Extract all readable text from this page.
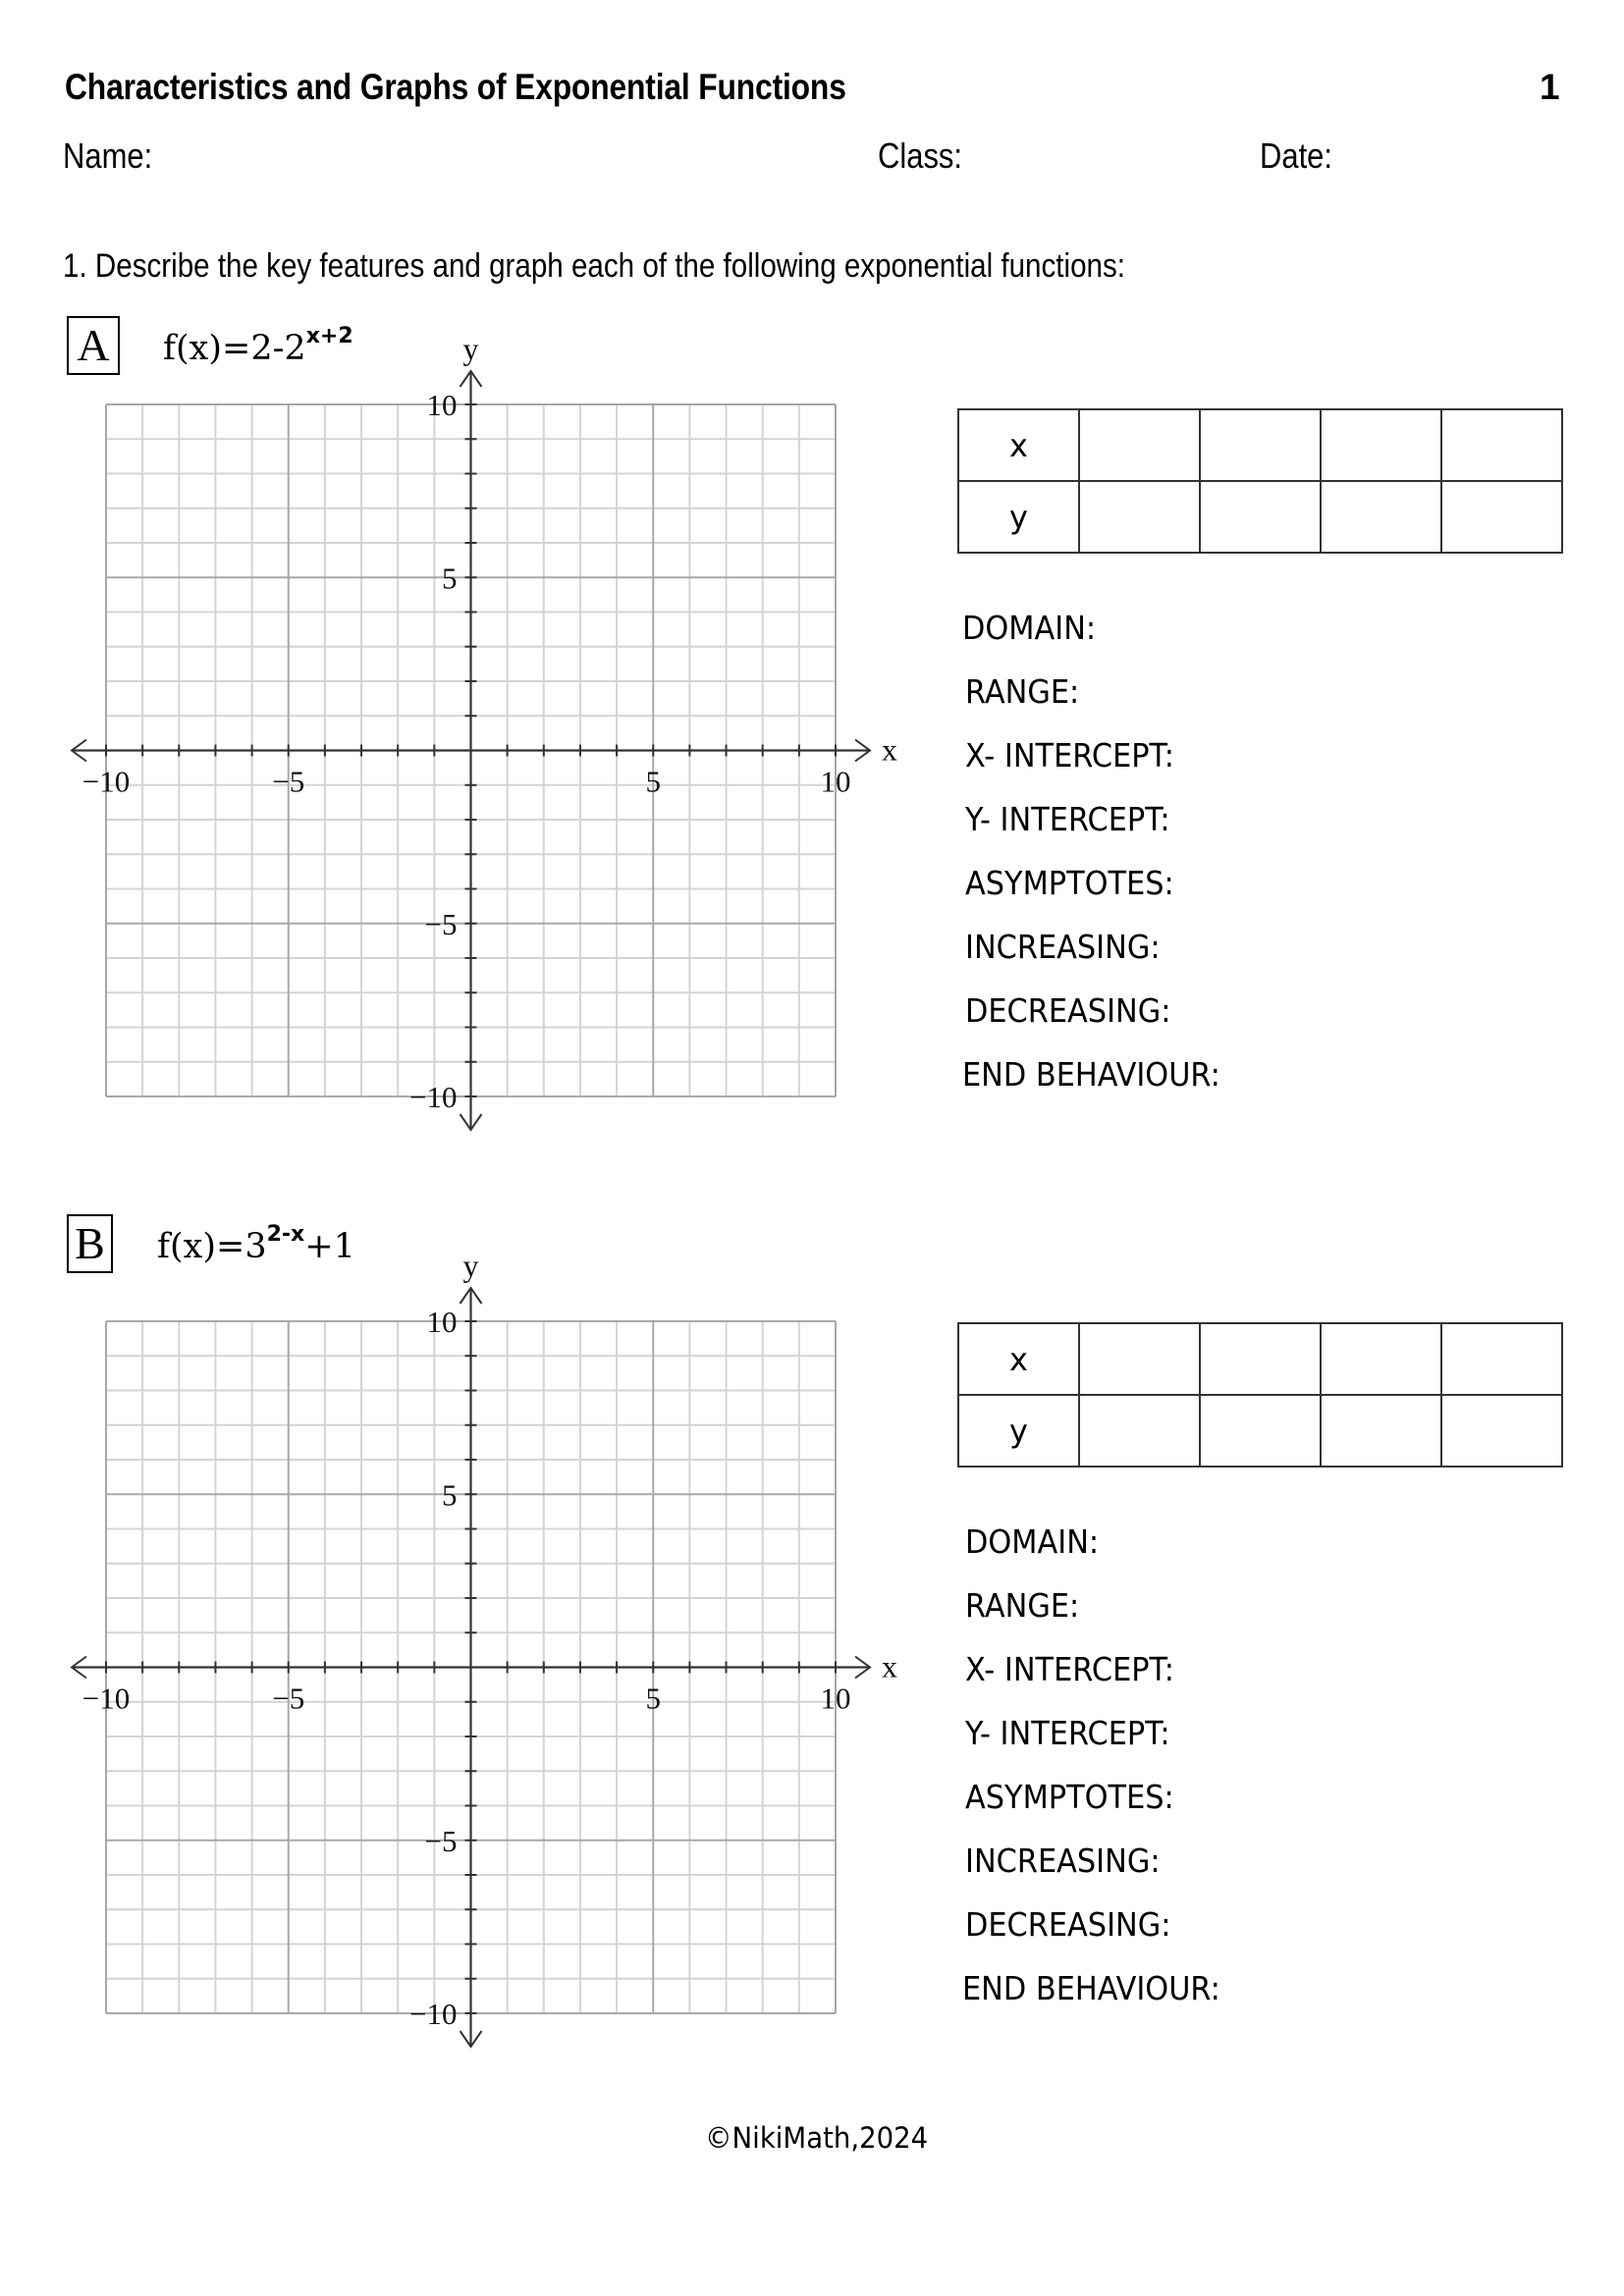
Characteristics and Graphs of Exponential Functions	1
Name:	Class:	Date:
1. Describe the key features and graph each of the following exponential functions:
A $f(x)=2-2^{x+2}$
−10	−5	5	10
10
5
−5
−10
x
y
x				
y				
DOMAIN:
RANGE:
X- INTERCEPT:
Y- INTERCEPT:
ASYMPTOTES:
INCREASING:
DECREASING:
END BEHAVIOUR:
B $f(x)=3^{2-x}+1$
−10	−5	5	10
10
5
−5
−10
x
y
x				
y				
DOMAIN:
RANGE:
X- INTERCEPT:
Y- INTERCEPT:
ASYMPTOTES:
INCREASING:
DECREASING:
END BEHAVIOUR:
©NikiMath,2024
